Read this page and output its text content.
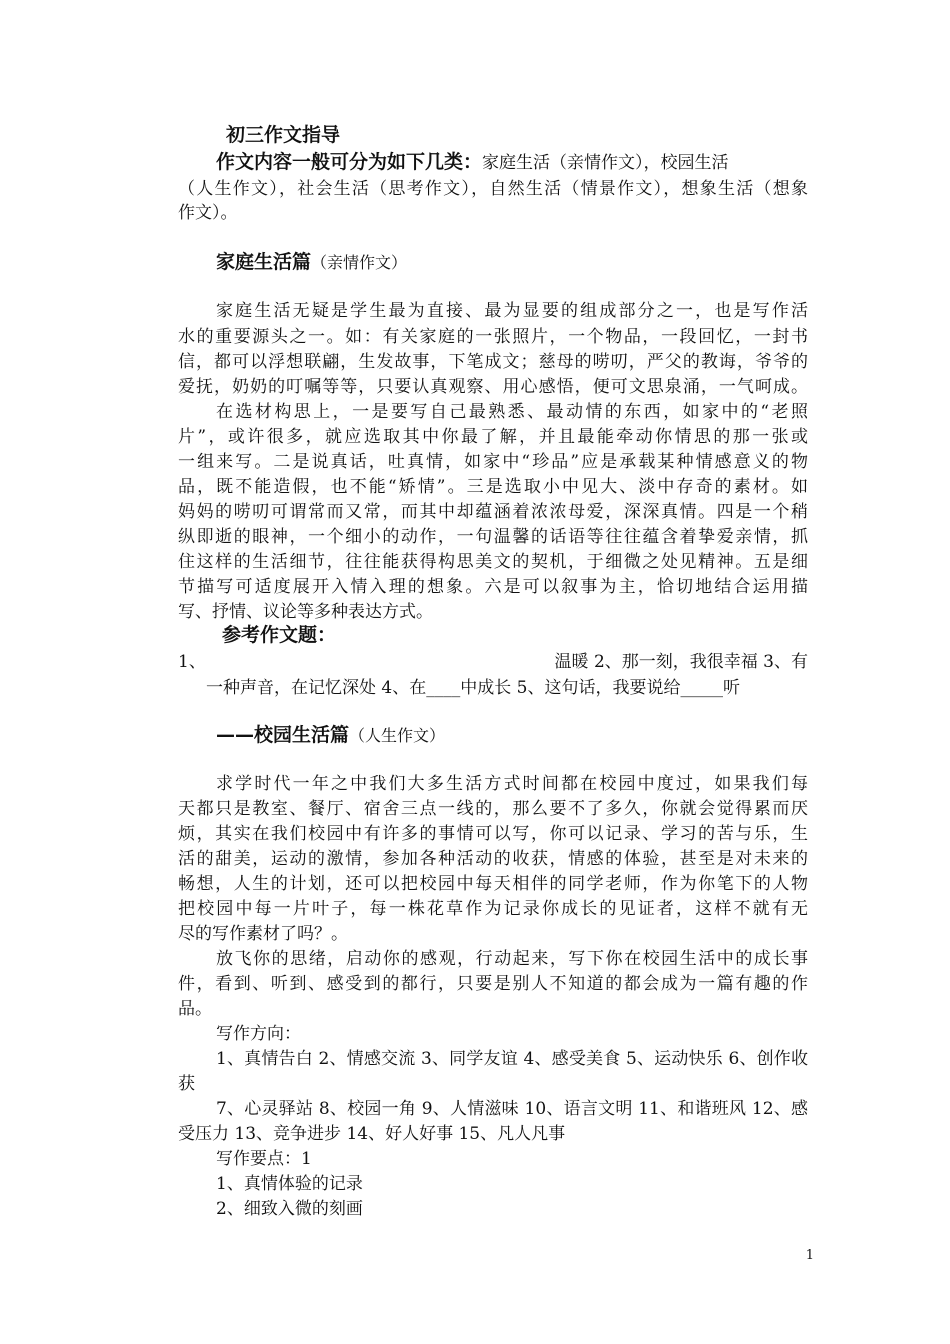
初三作文指导
作文内容一般可分为如下几类：家庭生活（亲情作文），校园生活
（人生作文），社会生活（思考作文），自然生活（情景作文），想象生活（想象
作文）。
家庭生活篇（亲情作文）
家庭生活无疑是学生最为直接、最为显要的组成部分之一，也是写作活
水的重要源头之一。如：有关家庭的一张照片，一个物品，一段回忆，一封书
信，都可以浮想联翩，生发故事，下笔成文；慈母的唠叨，严父的教诲，爷爷的
爱抚，奶奶的叮嘱等等，只要认真观察、用心感悟，便可文思泉涌，一气呵成。
在选材构思上，一是要写自己最熟悉、最动情的东西，如家中的“老照
片”，或许很多，就应选取其中你最了解，并且最能牵动你情思的那一张或
一组来写。二是说真话，吐真情，如家中“珍品”应是承载某种情感意义的物
品，既不能造假，也不能“矫情”。三是选取小中见大、淡中存奇的素材。如
妈妈的唠叨可谓常而又常，而其中却蕴涵着浓浓母爱，深深真情。四是一个稍
纵即逝的眼神，一个细小的动作，一句温馨的话语等往往蕴含着挚爱亲情，抓
住这样的生活细节，往往能获得构思美文的契机，于细微之处见精神。五是细
节描写可适度展开入情入理的想象。六是可以叙事为主，恰切地结合运用描
写、抒情、议论等多种表达方式。
参考作文题：
1、	温暖 2、那一刻，我很幸福 3、有
一种声音，在记忆深处 4、在____中成长 5、这句话，我要说给_____听
——校园生活篇（人生作文）
求学时代一年之中我们大多生活方式时间都在校园中度过，如果我们每
天都只是教室、餐厅、宿舍三点一线的，那么要不了多久，你就会觉得累而厌
烦，其实在我们校园中有许多的事情可以写，你可以记录、学习的苦与乐，生
活的甜美，运动的激情，参加各种活动的收获，情感的体验，甚至是对未来的
畅想，人生的计划，还可以把校园中每天相伴的同学老师，作为你笔下的人物
把校园中每一片叶子，每一株花草作为记录你成长的见证者，这样不就有无
尽的写作素材了吗？。
放飞你的思绪，启动你的感观，行动起来，写下你在校园生活中的成长事
件，看到、听到、感受到的都行，只要是别人不知道的都会成为一篇有趣的作
品。
写作方向：
1、真情告白 2、情感交流 3、同学友谊 4、感受美食 5、运动快乐 6、创作收
获
7、心灵驿站 8、校园一角 9、人情滋味 10、语言文明 11、和谐班风 12、感
受压力 13、竞争进步 14、好人好事 15、凡人凡事
写作要点：1
1、真情体验的记录
2、细致入微的刻画
1
